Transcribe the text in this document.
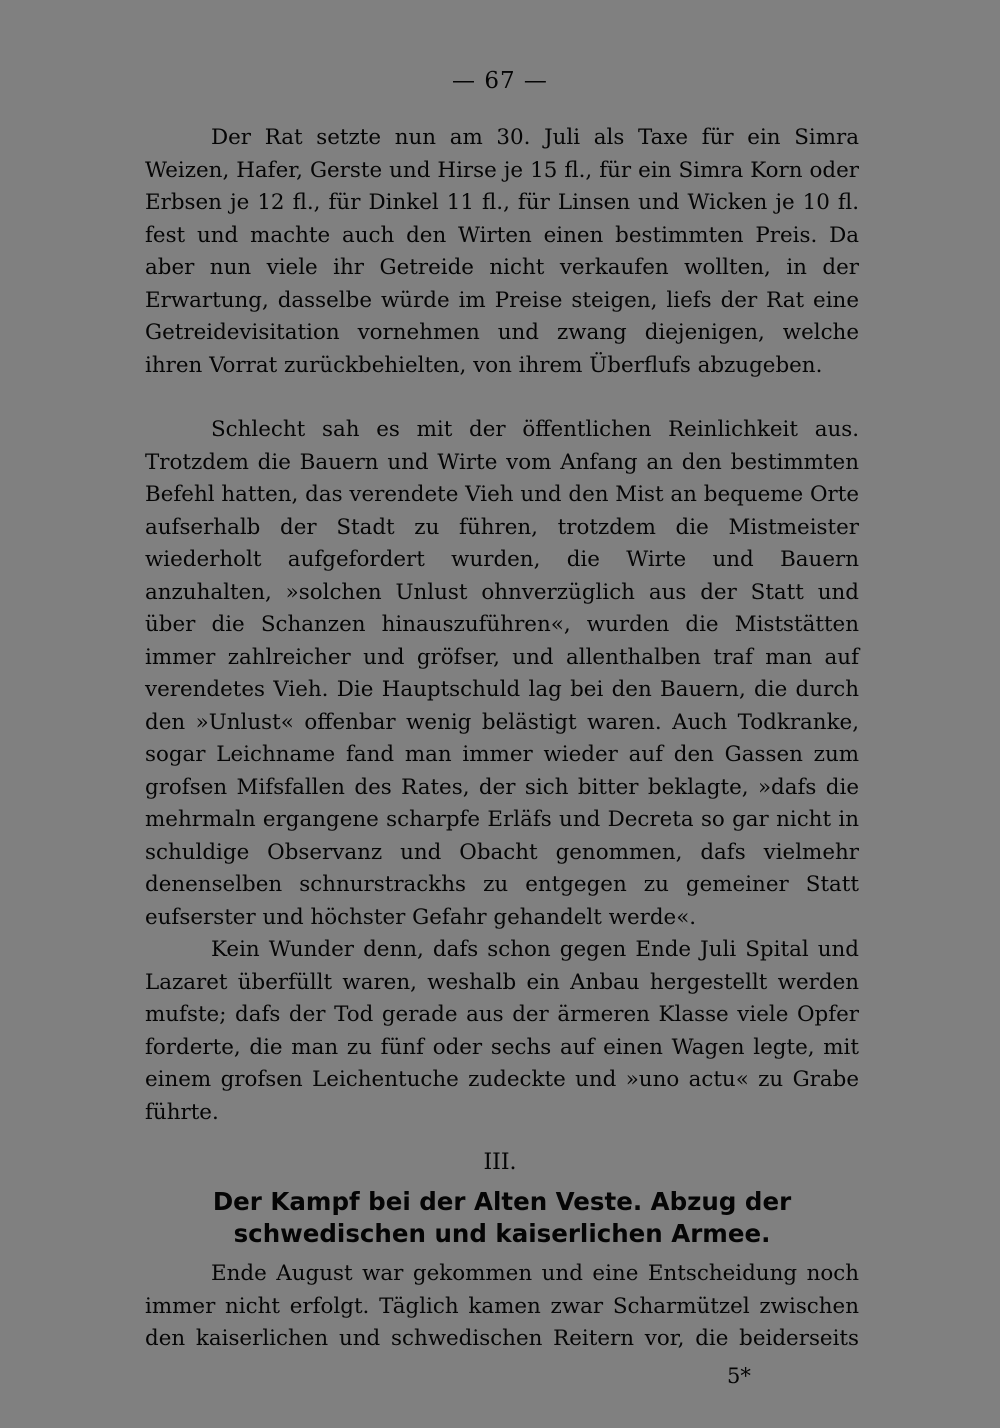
— 67 —

Der Rat setzte nun am 30. Juli als Taxe für ein Simra Weizen, Hafer, Gerste und Hirse je 15 fl., für ein Simra Korn oder Erbsen je 12 fl., für Dinkel 11 fl., für Linsen und Wicken je 10 fl. fest und machte auch den Wirten einen bestimmten Preis. Da aber nun viele ihr Getreide nicht verkaufen wollten, in der Erwartung, dasselbe würde im Preise steigen, liefs der Rat eine Getreidevisitation vornehmen und zwang diejenigen, welche ihren Vorrat zurückbehielten, von ihrem Überflufs abzugeben.

Schlecht sah es mit der öffentlichen Reinlichkeit aus. Trotzdem die Bauern und Wirte vom Anfang an den bestimmten Befehl hatten, das verendete Vieh und den Mist an bequeme Orte aufserhalb der Stadt zu führen, trotzdem die Mistmeister wiederholt aufgefordert wurden, die Wirte und Bauern anzuhalten, »solchen Unlust ohnverzüglich aus der Statt und über die Schanzen hinauszuführen«, wurden die Miststätten immer zahlreicher und gröfser, und allenthalben traf man auf verendetes Vieh. Die Hauptschuld lag bei den Bauern, die durch den »Unlust« offenbar wenig belästigt waren. Auch Todkranke, sogar Leichname fand man immer wieder auf den Gassen zum grofsen Mifsfallen des Rates, der sich bitter beklagte, »dafs die mehrmaln ergangene scharpfe Erläfs und Decreta so gar nicht in schuldige Observanz und Obacht genommen, dafs vielmehr denenselben schnurstrackhs zu entgegen zu gemeiner Statt eufserster und höchster Gefahr gehandelt werde«.

Kein Wunder denn, dafs schon gegen Ende Juli Spital und Lazaret überfüllt waren, weshalb ein Anbau hergestellt werden mufste; dafs der Tod gerade aus der ärmeren Klasse viele Opfer forderte, die man zu fünf oder sechs auf einen Wagen legte, mit einem grofsen Leichentuche zudeckte und »uno actu« zu Grabe führte.

III.
Der Kampf bei der Alten Veste. Abzug der schwedischen und kaiserlichen Armee.

Ende August war gekommen und eine Entscheidung noch immer nicht erfolgt. Täglich kamen zwar Scharmützel zwischen den kaiserlichen und schwedischen Reitern vor, die beiderseits

5*
